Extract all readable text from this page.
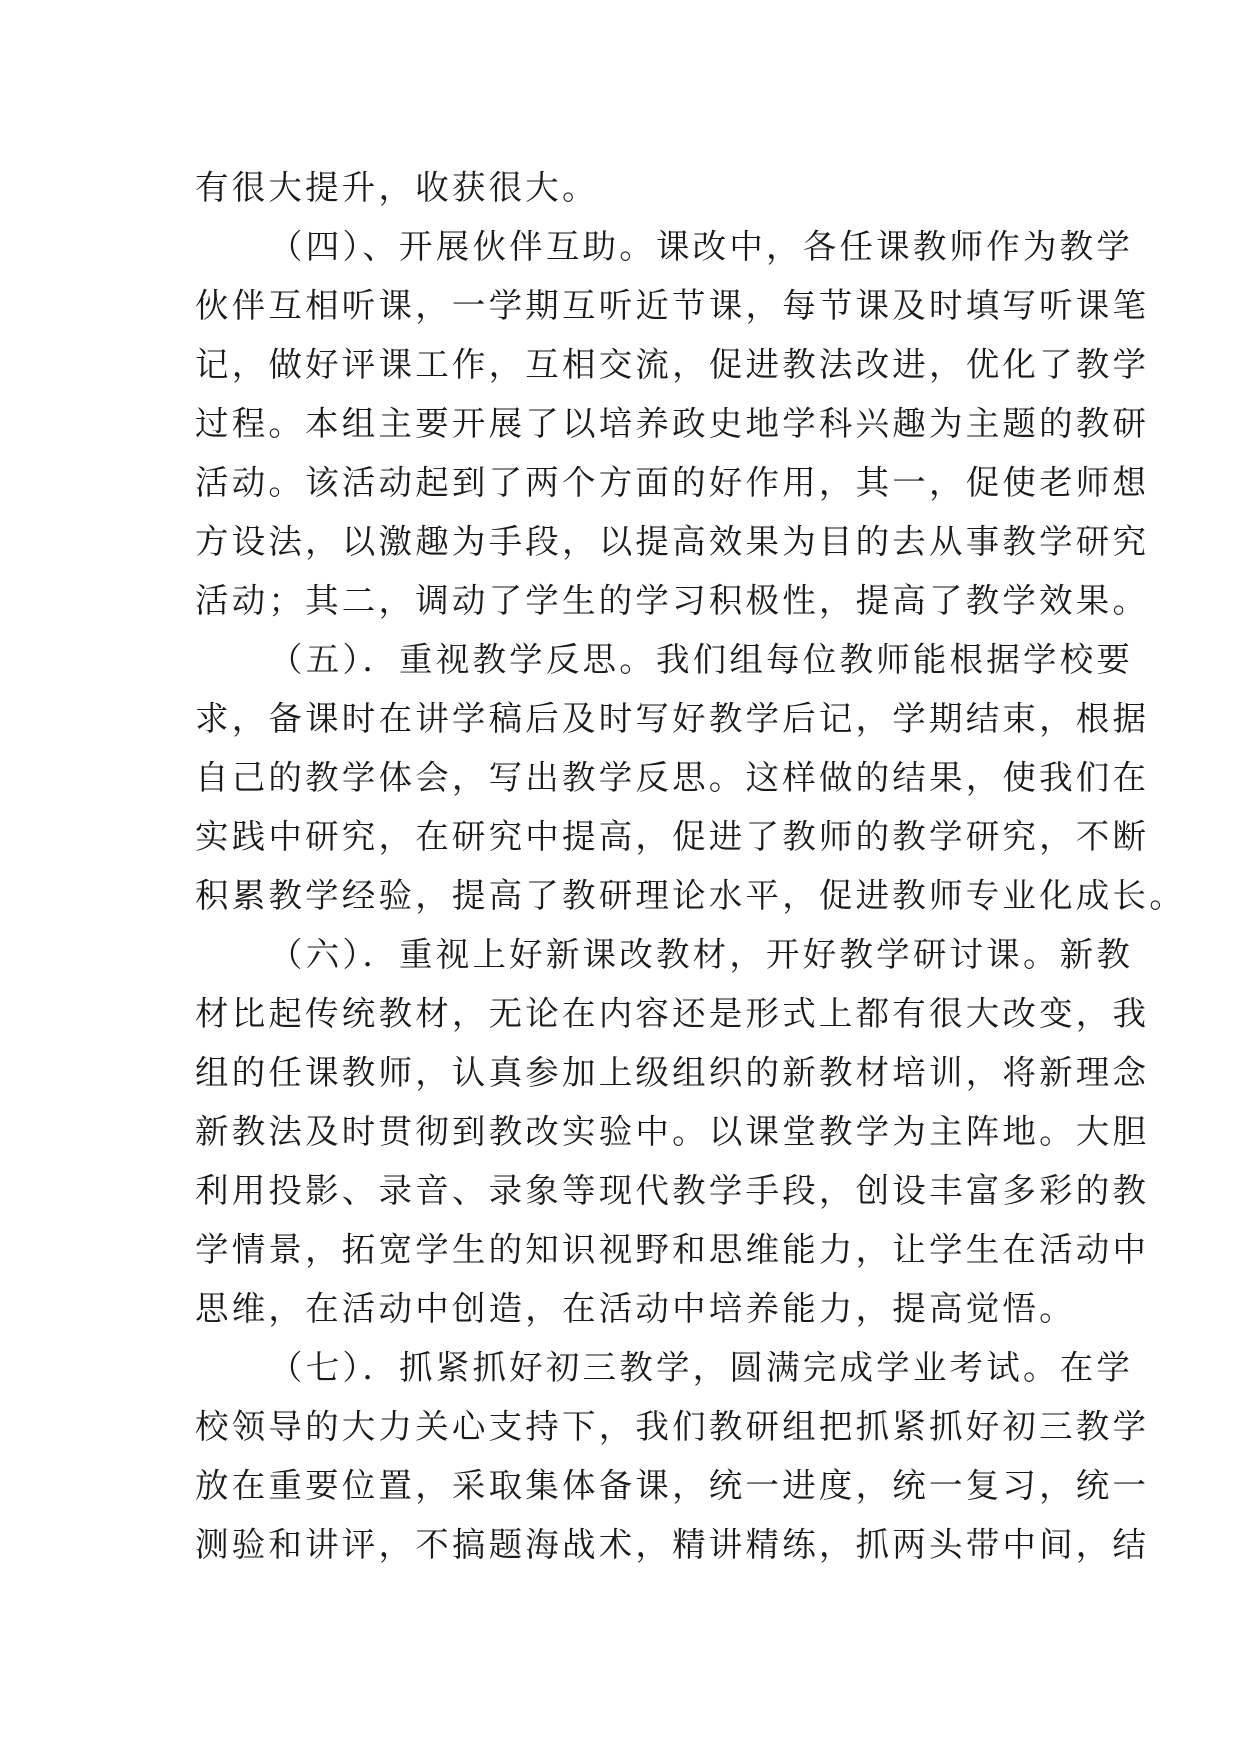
有很大提升，收获很大。
（四）、开展伙伴互助。课改中，各任课教师作为教学
伙伴互相听课，一学期互听近节课，每节课及时填写听课笔
记，做好评课工作，互相交流，促进教法改进，优化了教学
过程。本组主要开展了以培养政史地学科兴趣为主题的教研
活动。该活动起到了两个方面的好作用，其一，促使老师想
方设法，以激趣为手段，以提高效果为目的去从事教学研究
活动；其二，调动了学生的学习积极性，提高了教学效果。
（五）．重视教学反思。我们组每位教师能根据学校要
求，备课时在讲学稿后及时写好教学后记，学期结束，根据
自己的教学体会，写出教学反思。这样做的结果，使我们在
实践中研究，在研究中提高，促进了教师的教学研究，不断
积累教学经验，提高了教研理论水平，促进教师专业化成长。
（六）．重视上好新课改教材，开好教学研讨课。新教
材比起传统教材，无论在内容还是形式上都有很大改变，我
组的任课教师，认真参加上级组织的新教材培训，将新理念
新教法及时贯彻到教改实验中。以课堂教学为主阵地。大胆
利用投影、录音、录象等现代教学手段，创设丰富多彩的教
学情景，拓宽学生的知识视野和思维能力，让学生在活动中
思维，在活动中创造，在活动中培养能力，提高觉悟。
（七）．抓紧抓好初三教学，圆满完成学业考试。在学
校领导的大力关心支持下，我们教研组把抓紧抓好初三教学
放在重要位置，采取集体备课，统一进度，统一复习，统一
测验和讲评，不搞题海战术，精讲精练，抓两头带中间，结
